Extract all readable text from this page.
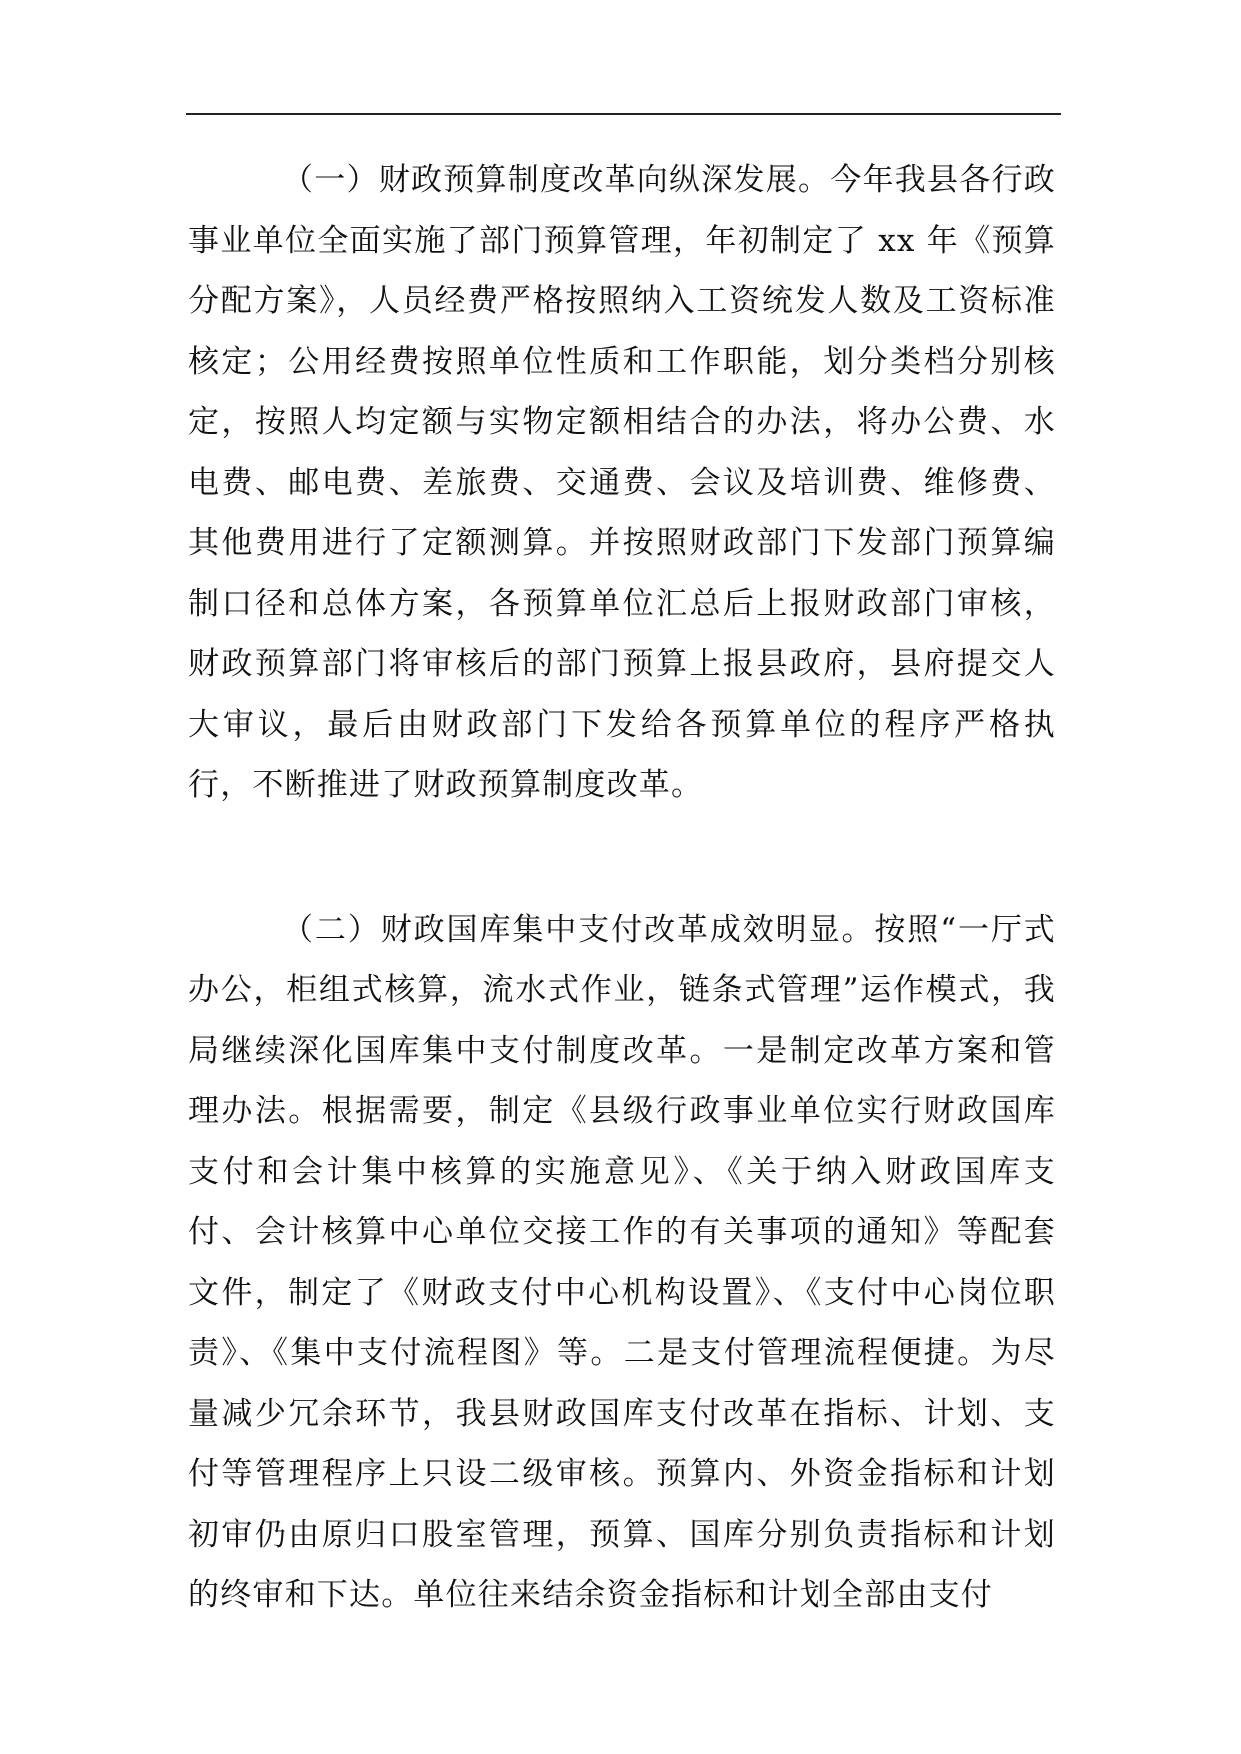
（一）财政预算制度改革向纵深发展。今年我县各行政事业单位全面实施了部门预算管理，年初制定了 xx 年《预算分配方案》，人员经费严格按照纳入工资统发人数及工资标准核定；公用经费按照单位性质和工作职能，划分类档分别核定，按照人均定额与实物定额相结合的办法，将办公费、水电费、邮电费、差旅费、交通费、会议及培训费、维修费、其他费用进行了定额测算。并按照财政部门下发部门预算编制口径和总体方案，各预算单位汇总后上报财政部门审核，财政预算部门将审核后的部门预算上报县政府，县府提交人大审议，最后由财政部门下发给各预算单位的程序严格执行，不断推进了财政预算制度改革。

（二）财政国库集中支付改革成效明显。按照“一厅式办公，柜组式核算，流水式作业，链条式管理”运作模式，我局继续深化国库集中支付制度改革。一是制定改革方案和管理办法。根据需要，制定《县级行政事业单位实行财政国库支付和会计集中核算的实施意见》、《关于纳入财政国库支付、会计核算中心单位交接工作的有关事项的通知》等配套文件，制定了《财政支付中心机构设置》、《支付中心岗位职责》、《集中支付流程图》等。二是支付管理流程便捷。为尽量减少冗余环节，我县财政国库支付改革在指标、计划、支付等管理程序上只设二级审核。预算内、外资金指标和计划初审仍由原归口股室管理，预算、国库分别负责指标和计划的终审和下达。单位往来结余资金指标和计划全部由支付
